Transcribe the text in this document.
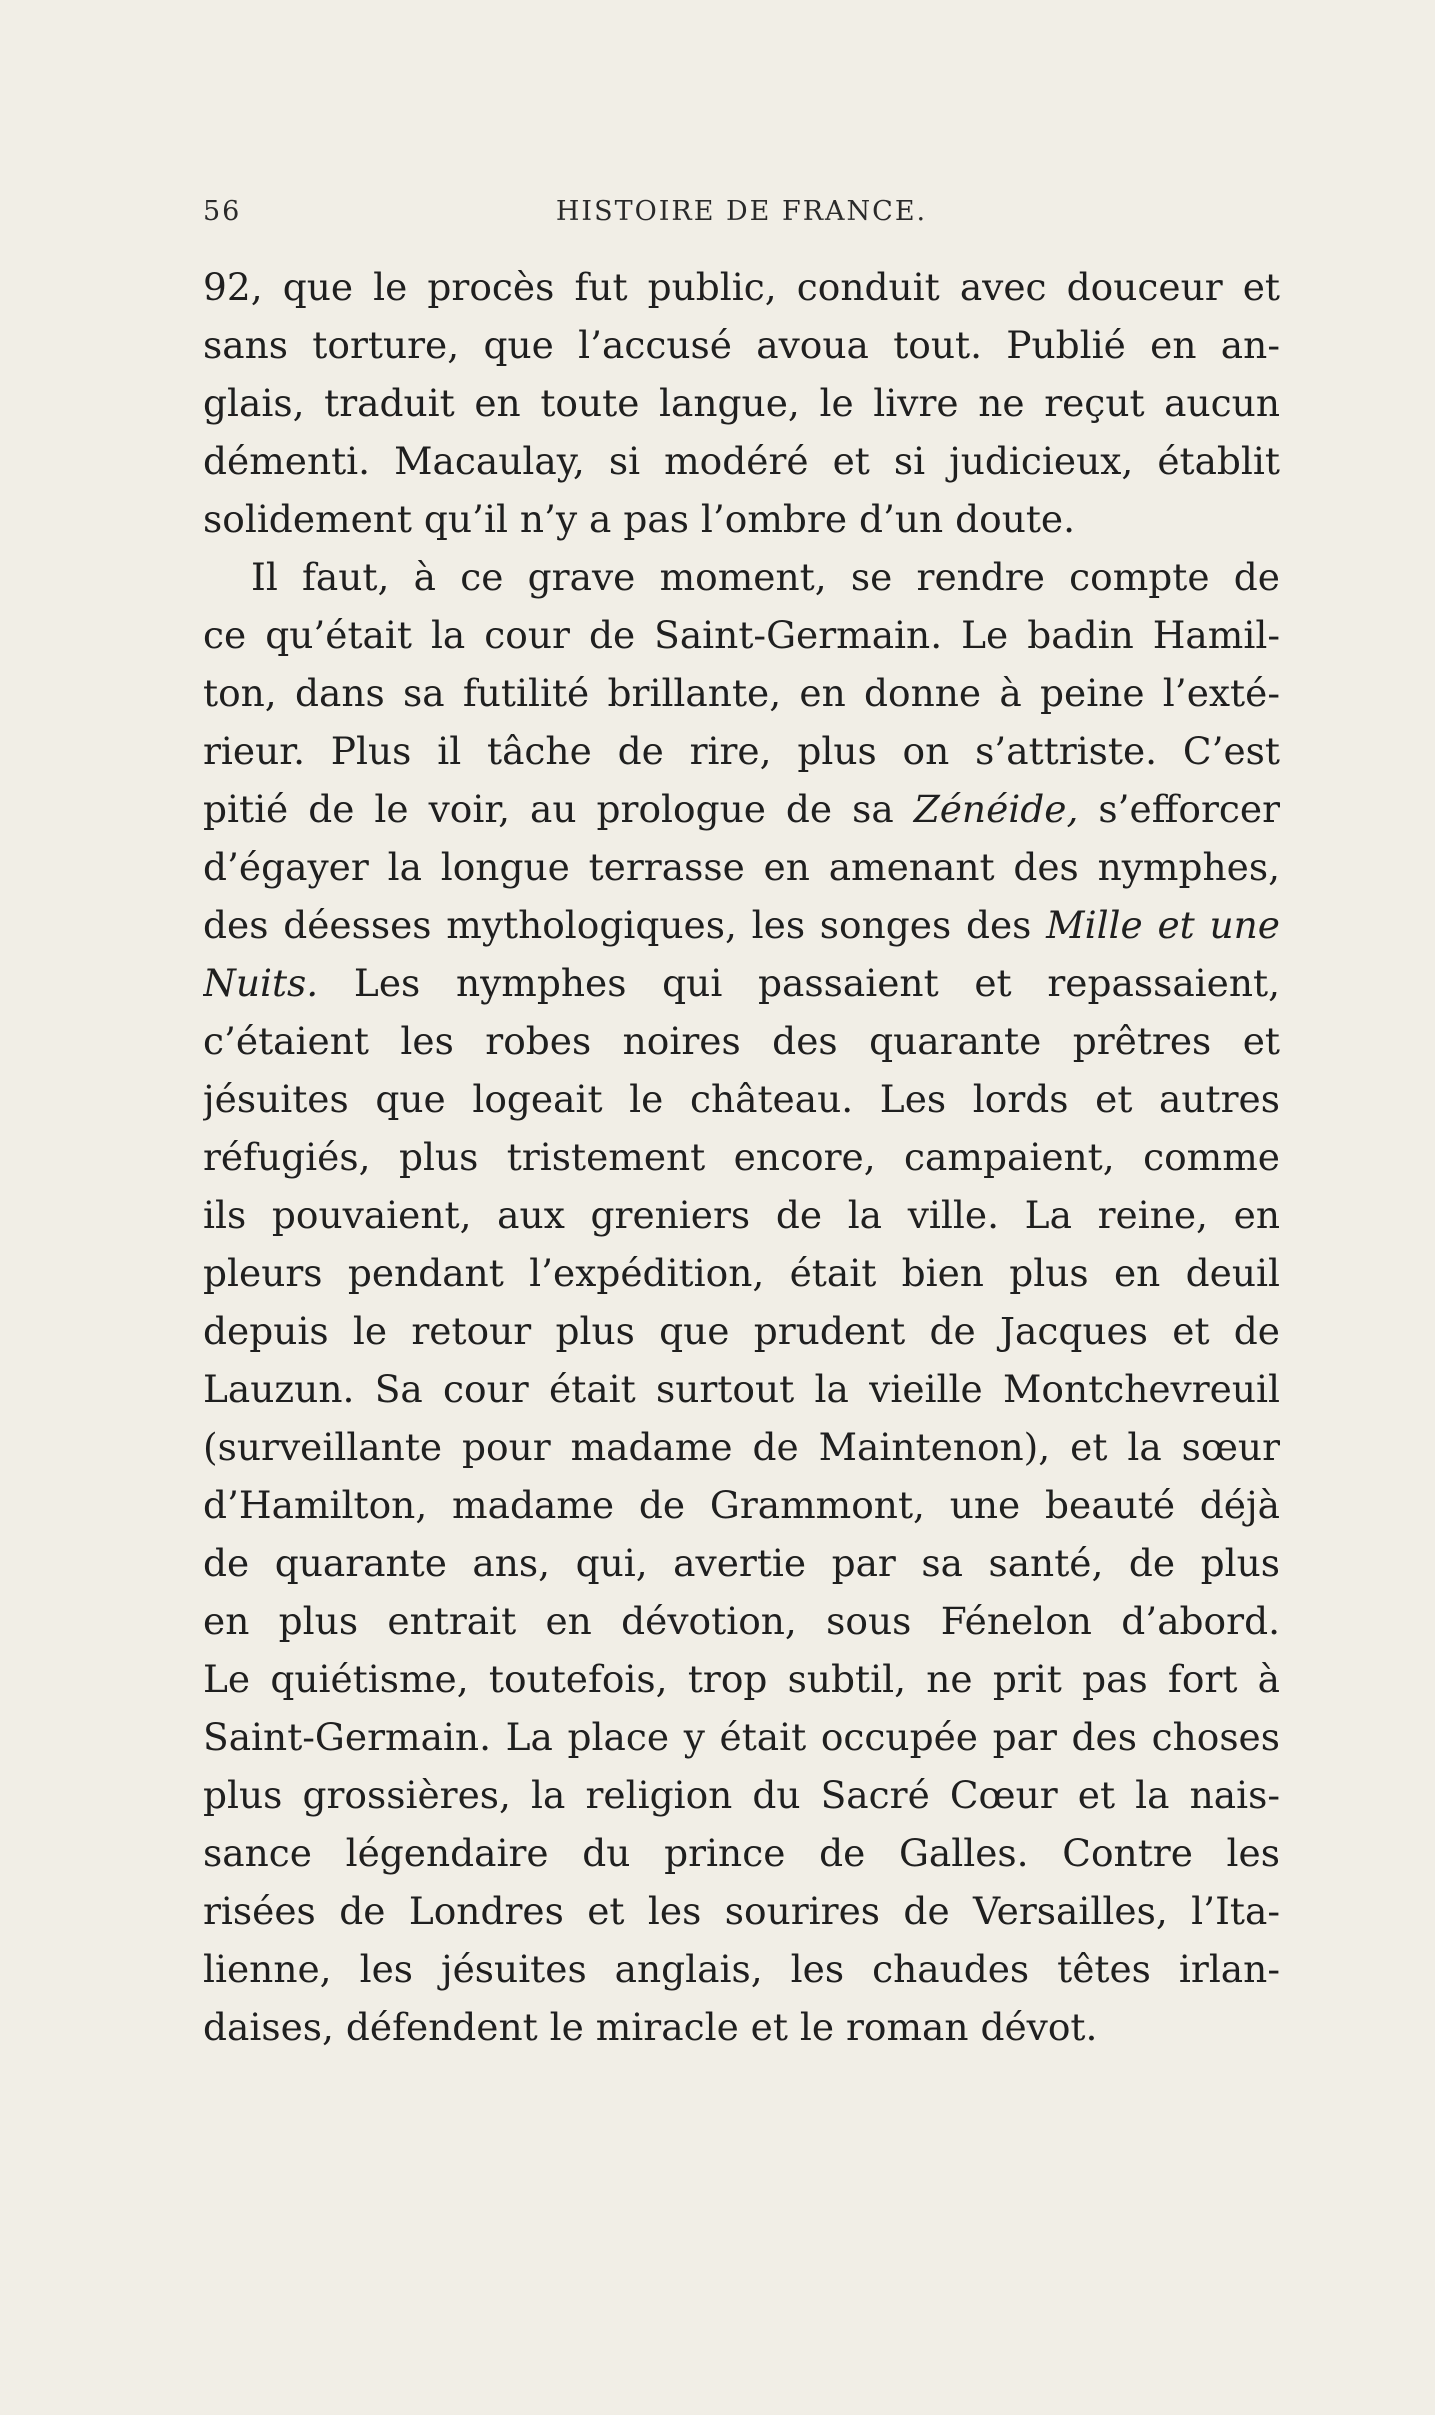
56	HISTOIRE DE FRANCE.
92, que le procès fut public, conduit avec douceur et
sans torture, que l’accusé avoua tout. Publié en an-
glais, traduit en toute langue, le livre ne reçut aucun
démenti. Macaulay, si modéré et si judicieux, établit
solidement qu’il n’y a pas l’ombre d’un doute.
Il faut, à ce grave moment, se rendre compte de
ce qu’était la cour de Saint-Germain. Le badin Hamil-
ton, dans sa futilité brillante, en donne à peine l’exté-
rieur. Plus il tâche de rire, plus on s’attriste. C’est
pitié de le voir, au prologue de sa Zénéide, s’efforcer
d’égayer la longue terrasse en amenant des nymphes,
des déesses mythologiques, les songes des Mille et une
Nuits. Les nymphes qui passaient et repassaient,
c’étaient les robes noires des quarante prêtres et
jésuites que logeait le château. Les lords et autres
réfugiés, plus tristement encore, campaient, comme
ils pouvaient, aux greniers de la ville. La reine, en
pleurs pendant l’expédition, était bien plus en deuil
depuis le retour plus que prudent de Jacques et de
Lauzun. Sa cour était surtout la vieille Montchevreuil
(surveillante pour madame de Maintenon), et la sœur
d’Hamilton, madame de Grammont, une beauté déjà
de quarante ans, qui, avertie par sa santé, de plus
en plus entrait en dévotion, sous Fénelon d’abord.
Le quiétisme, toutefois, trop subtil, ne prit pas fort à
Saint-Germain. La place y était occupée par des choses
plus grossières, la religion du Sacré Cœur et la nais-
sance légendaire du prince de Galles. Contre les
risées de Londres et les sourires de Versailles, l’Ita-
lienne, les jésuites anglais, les chaudes têtes irlan-
daises, défendent le miracle et le roman dévot.
